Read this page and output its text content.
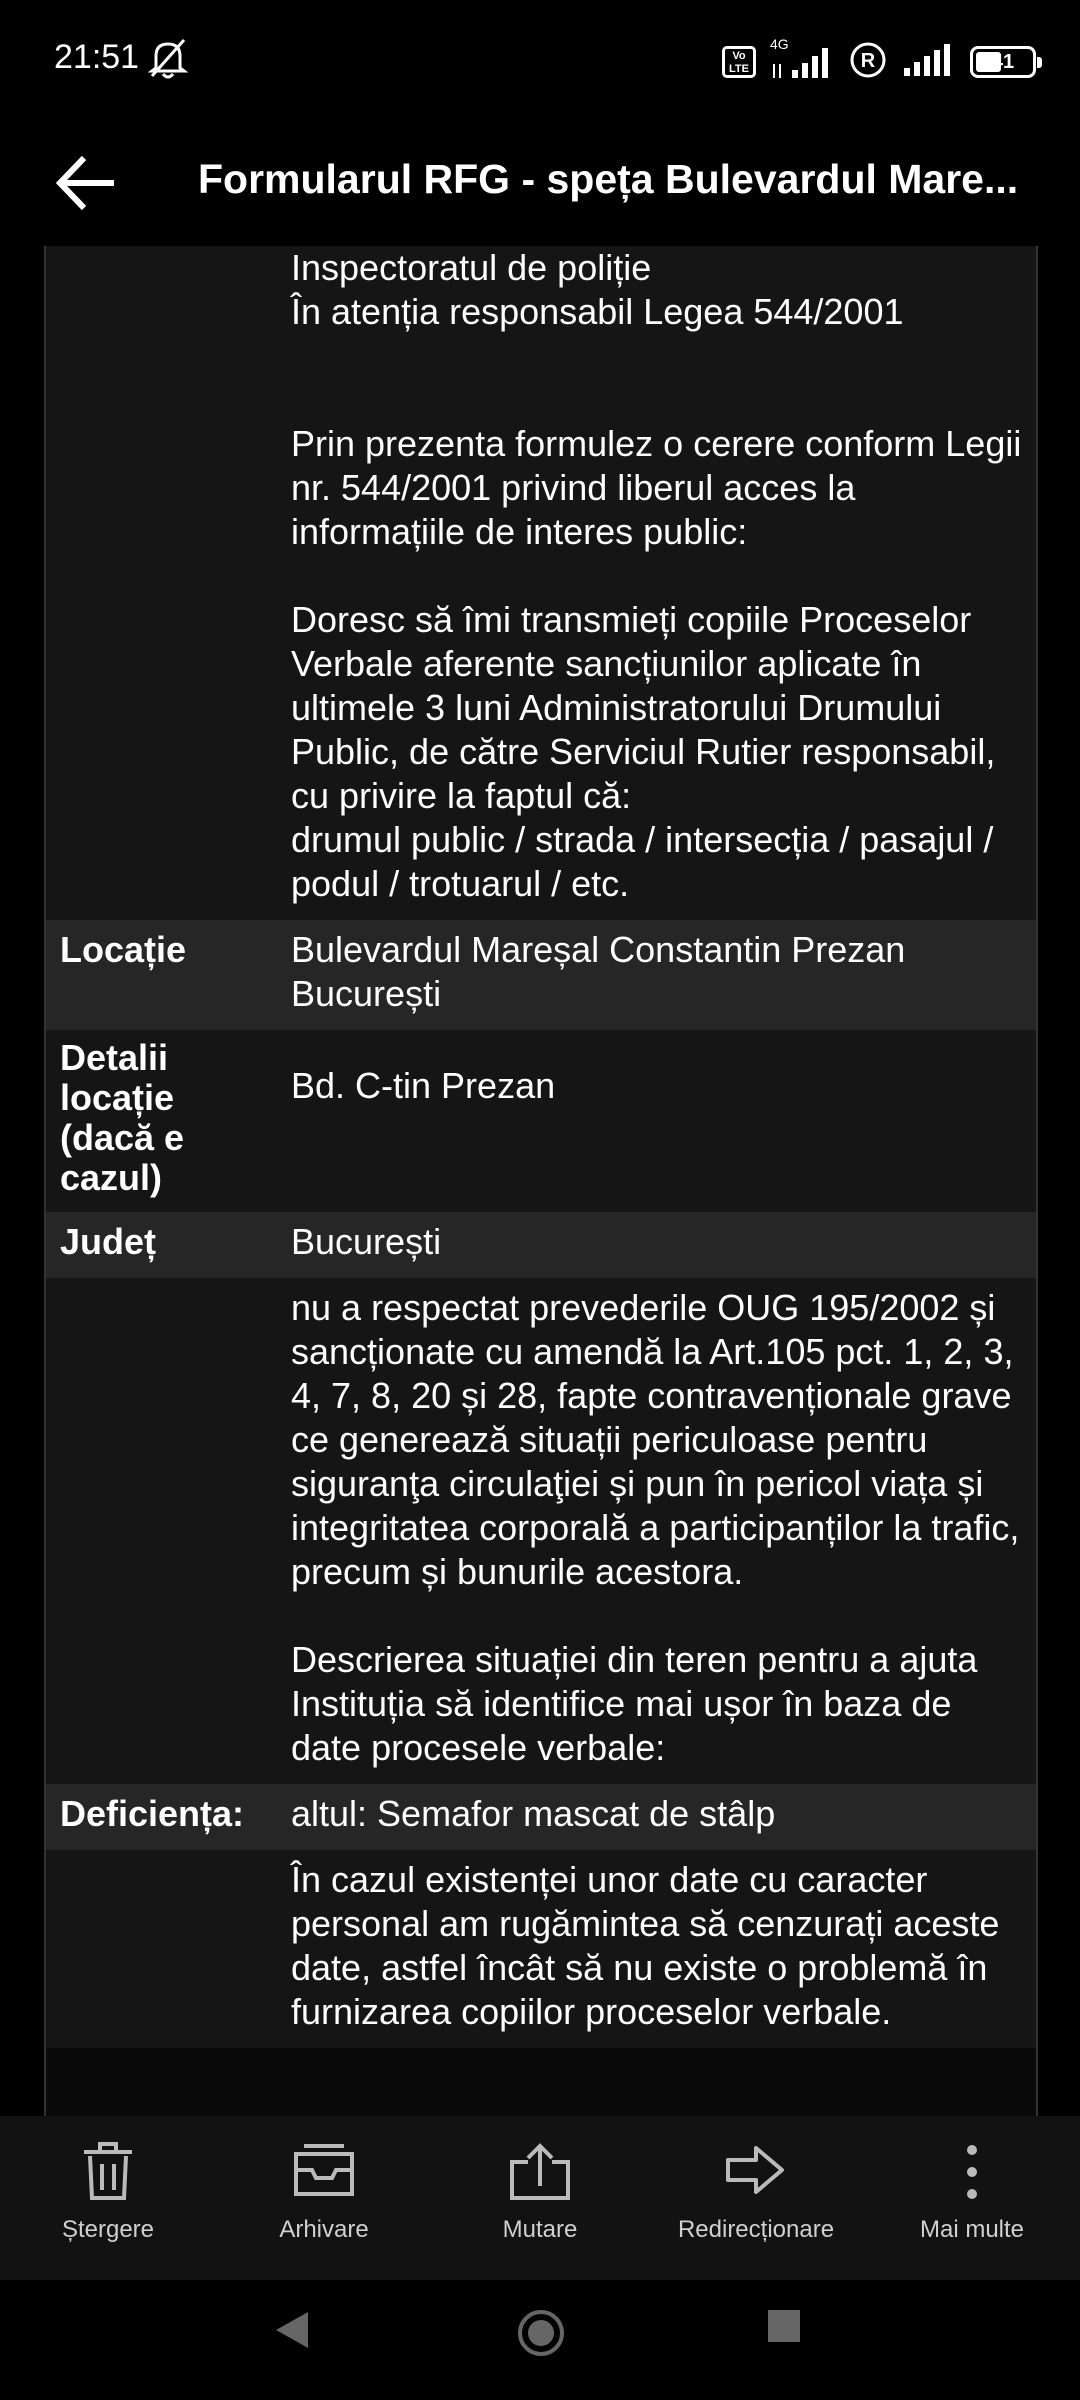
21:51	Vo LTE
4G
R	41
Formularul RFG - speța Bulevardul Mare...

	Inspectoratul de poliție
În atenția responsabil Legea 544/2001
Prin prezenta formulez o cerere conform Legii nr. 544/2001 privind liberul acces la informațiile de interes public:
Doresc să îmi transmieți copiile Proceselor Verbale aferente sancțiunilor aplicate în ultimele 3 luni Administratorului Drumului Public, de către Serviciul Rutier responsabil, cu privire la faptul că:
drumul public / strada / intersecția / pasajul / podul / trotuarul / etc.

Locație	Bulevardul Mareșal Constantin Prezan București
Detalii locație (dacă e cazul)	Bd. C-tin Prezan
Județ	București

	nu a respectat prevederile OUG 195/2002 și sancționate cu amendă la Art.105 pct. 1, 2, 3, 4, 7, 8, 20 și 28, fapte contravenționale grave ce generează situații periculoase pentru siguranţa circulaţiei și pun în pericol viața și integritatea corporală a participanților la trafic, precum și bunurile acestora.
Descrierea situației din teren pentru a ajuta Instituția să identifice mai ușor în baza de date procesele verbale:

Deficiența:	altul: Semafor mascat de stâlp

	În cazul existenței unor date cu caracter personal am rugămintea să cenzurați aceste date, astfel încât să nu existe o problemă în furnizarea copiilor proceselor verbale.
Ștergere	Arhivare	Mutare	Redirecționare	Mai multe
